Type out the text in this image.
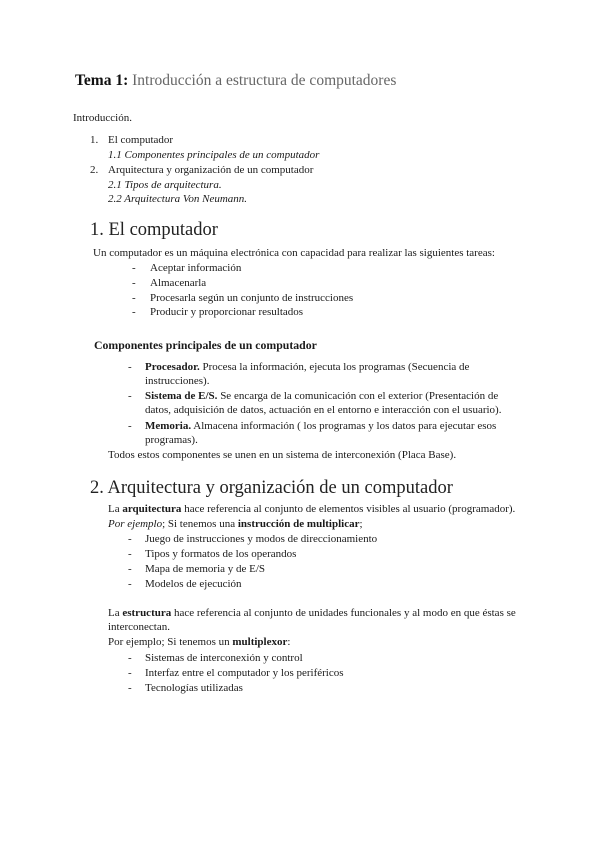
Tema 1: Introducción a estructura de computadores
Introducción.
1. El computador
1.1 Componentes principales de un computador
2. Arquitectura y organización de un computador
2.1 Tipos de arquitectura.
2.2 Arquitectura Von Neumann.
1. El computador
Un computador es un máquina electrónica con capacidad para realizar las siguientes tareas:
- Aceptar información
- Almacenarla
- Procesarla según un conjunto de instrucciones
- Producir y proporcionar resultados
Componentes principales de un computador
- Procesador. Procesa la información, ejecuta los programas (Secuencia de
instrucciones).
- Sistema de E/S. Se encarga de la comunicación con el exterior (Presentación de
datos, adquisición de datos, actuación en el entorno e interacción con el usuario).
- Memoria. Almacena información ( los programas y los datos para ejecutar esos
programas).
Todos estos componentes se unen en un sistema de interconexión (Placa Base).
2. Arquitectura y organización de un computador
La arquitectura hace referencia al conjunto de elementos visibles al usuario (programador).
Por ejemplo; Si tenemos una instrucción de multiplicar;
- Juego de instrucciones y modos de direccionamiento
- Tipos y formatos de los operandos
- Mapa de memoria y de E/S
- Modelos de ejecución
La estructura hace referencia al conjunto de unidades funcionales y al modo en que éstas se
interconectan.
Por ejemplo; Si tenemos un multiplexor:
- Sistemas de interconexión y control
- Interfaz entre el computador y los periféricos
- Tecnologías utilizadas
